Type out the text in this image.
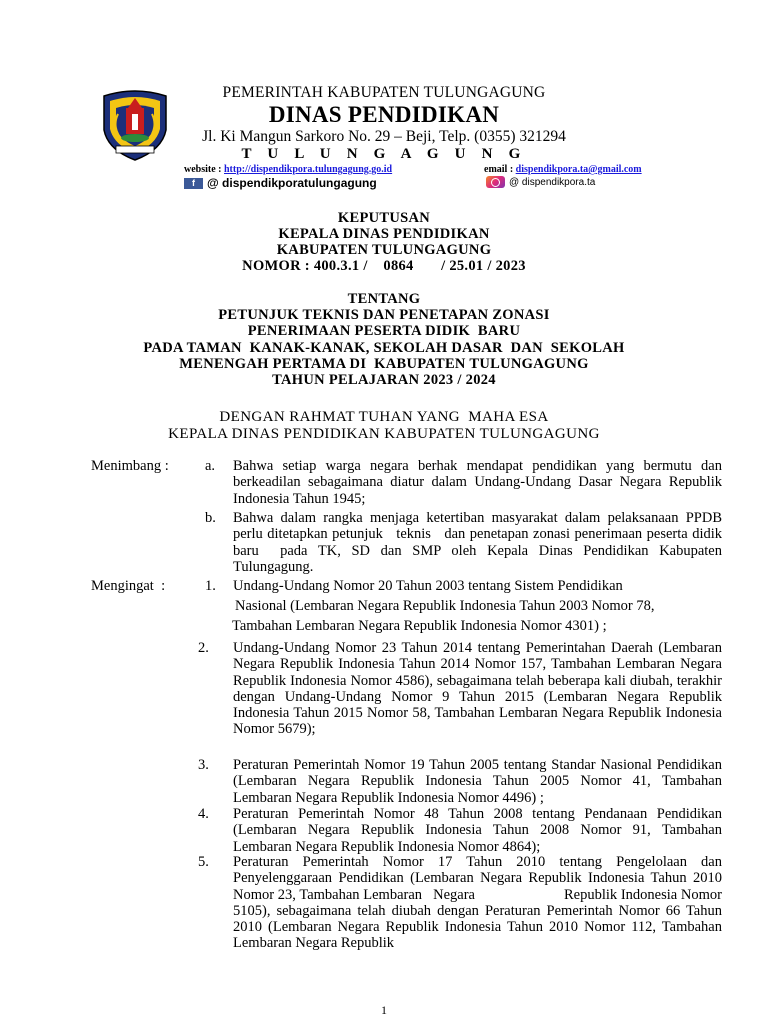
PEMERINTAH KABUPATEN TULUNGAGUNG
DINAS PENDIDIKAN
Jl. Ki Mangun Sarkoro No. 29 – Beji, Telp. (0355) 321294
T U L U N G A G U N G
website : http://dispendikpora.tulungagung.go.id	email : dispendikpora.ta@gmail.com
f	@ dispendikporatulungagung	@ dispendikpora.ta
KEPUTUSAN
KEPALA DINAS PENDIDIKAN
KABUPATEN TULUNGAGUNG
NOMOR : 400.3.1 /    0864       / 25.01 / 2023
TENTANG
PETUNJUK TEKNIS DAN PENETAPAN ZONASI
PENERIMAAN PESERTA DIDIK  BARU
PADA TAMAN  KANAK-KANAK, SEKOLAH DASAR  DAN  SEKOLAH
MENENGAH PERTAMA DI  KABUPATEN TULUNGAGUNG
TAHUN PELAJARAN 2023 / 2024
DENGAN RAHMAT TUHAN YANG  MAHA ESA
KEPALA DINAS PENDIDIKAN KABUPATEN TULUNGAGUNG
Menimbang :	a. Bahwa setiap warga negara berhak mendapat pendidikan yang bermutu dan berkeadilan sebagaimana diatur dalam Undang-Undang Dasar Negara Republik Indonesia Tahun 1945;
b. Bahwa dalam rangka menjaga ketertiban masyarakat dalam pelaksanaan PPDB perlu ditetapkan petunjuk   teknis   dan penetapan zonasi penerimaan peserta didik baru  pada TK, SD dan SMP oleh Kepala Dinas Pendidikan Kabupaten Tulungagung.
Mengingat  :	1. Undang-Undang Nomor 20 Tahun 2003 tentang Sistem Pendidikan
Nasional (Lembaran Negara Republik Indonesia Tahun 2003 Nomor 78,
Tambahan Lembaran Negara Republik Indonesia Nomor 4301) ;
2. Undang-Undang Nomor 23 Tahun 2014 tentang Pemerintahan Daerah (Lembaran Negara Republik Indonesia Tahun 2014 Nomor 157, Tambahan Lembaran Negara Republik Indonesia Nomor 4586), sebagaimana telah beberapa kali diubah, terakhir dengan Undang-Undang Nomor 9 Tahun 2015 (Lembaran Negara Republik Indonesia Tahun 2015 Nomor 58, Tambahan Lembaran Negara Republik Indonesia Nomor 5679);
3. Peraturan Pemerintah Nomor 19 Tahun 2005 tentang Standar Nasional Pendidikan (Lembaran Negara Republik Indonesia Tahun 2005 Nomor 41, Tambahan Lembaran Negara Republik Indonesia Nomor 4496) ;
4. Peraturan Pemerintah Nomor 48 Tahun 2008 tentang Pendanaan Pendidikan (Lembaran Negara Republik Indonesia Tahun 2008 Nomor 91, Tambahan Lembaran Negara Republik Indonesia Nomor 4864);
5. Peraturan Pemerintah Nomor 17 Tahun 2010 tentang Pengelolaan dan Penyelenggaraan Pendidikan (Lembaran Negara Republik Indonesia Tahun 2010 Nomor 23, Tambahan Lembaran   Negara                        Republik Indonesia Nomor 5105), sebagaimana telah diubah dengan Peraturan Pemerintah Nomor 66 Tahun 2010 (Lembaran Negara Republik Indonesia Tahun 2010 Nomor 112, Tambahan Lembaran Negara Republik
1
